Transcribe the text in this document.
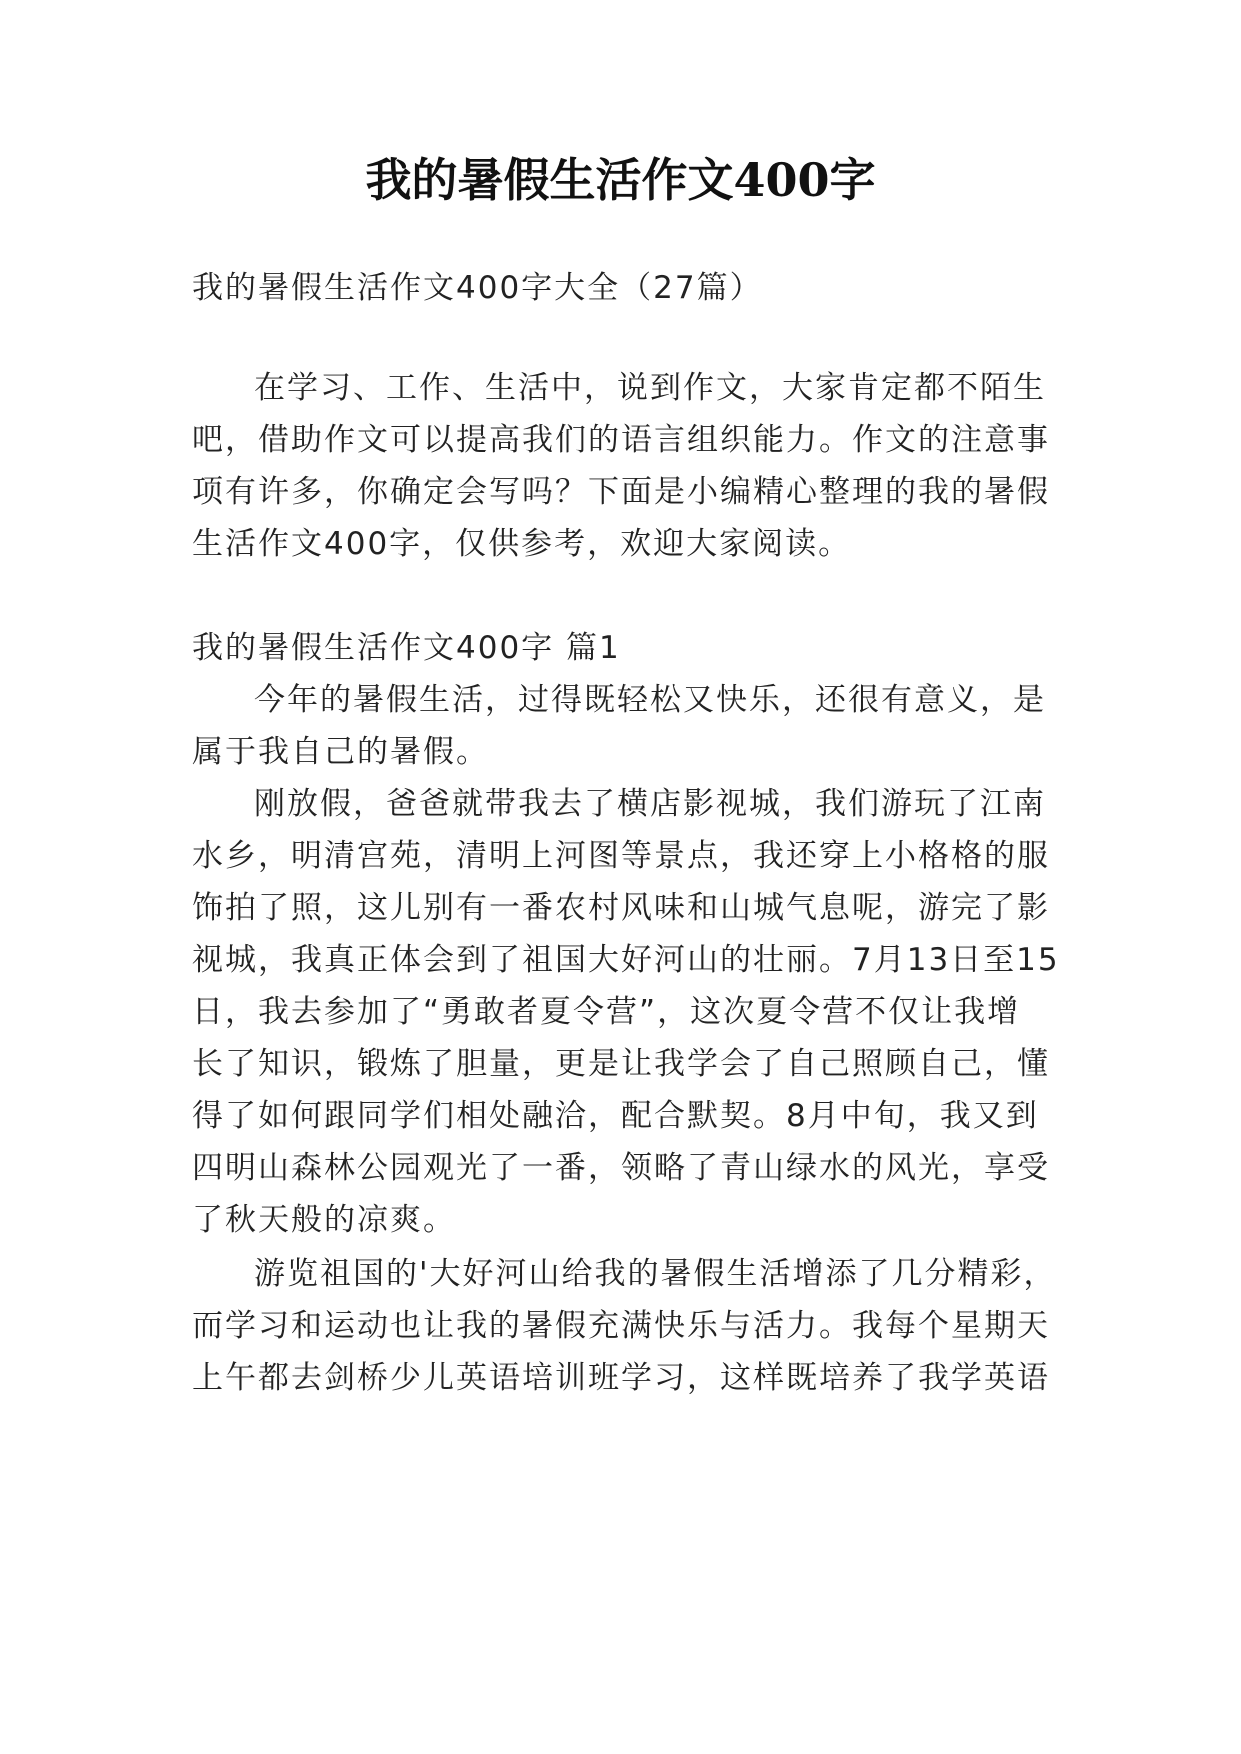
我的暑假生活作文400字
我的暑假生活作文400字大全（27篇）
在学习、工作、生活中，说到作文，大家肯定都不陌生
吧，借助作文可以提高我们的语言组织能力。作文的注意事
项有许多，你确定会写吗？下面是小编精心整理的我的暑假
生活作文400字，仅供参考，欢迎大家阅读。
我的暑假生活作文400字 篇1
今年的暑假生活，过得既轻松又快乐，还很有意义，是
属于我自己的暑假。
刚放假，爸爸就带我去了横店影视城，我们游玩了江南
水乡，明清宫苑，清明上河图等景点，我还穿上小格格的服
饰拍了照，这儿别有一番农村风味和山城气息呢，游完了影
视城，我真正体会到了祖国大好河山的壮丽。7月13日至15
日，我去参加了“勇敢者夏令营”，这次夏令营不仅让我增
长了知识，锻炼了胆量，更是让我学会了自己照顾自己，懂
得了如何跟同学们相处融洽，配合默契。8月中旬，我又到
四明山森林公园观光了一番，领略了青山绿水的风光，享受
了秋天般的凉爽。
游览祖国的'大好河山给我的暑假生活增添了几分精彩，
而学习和运动也让我的暑假充满快乐与活力。我每个星期天
上午都去剑桥少儿英语培训班学习，这样既培养了我学英语
